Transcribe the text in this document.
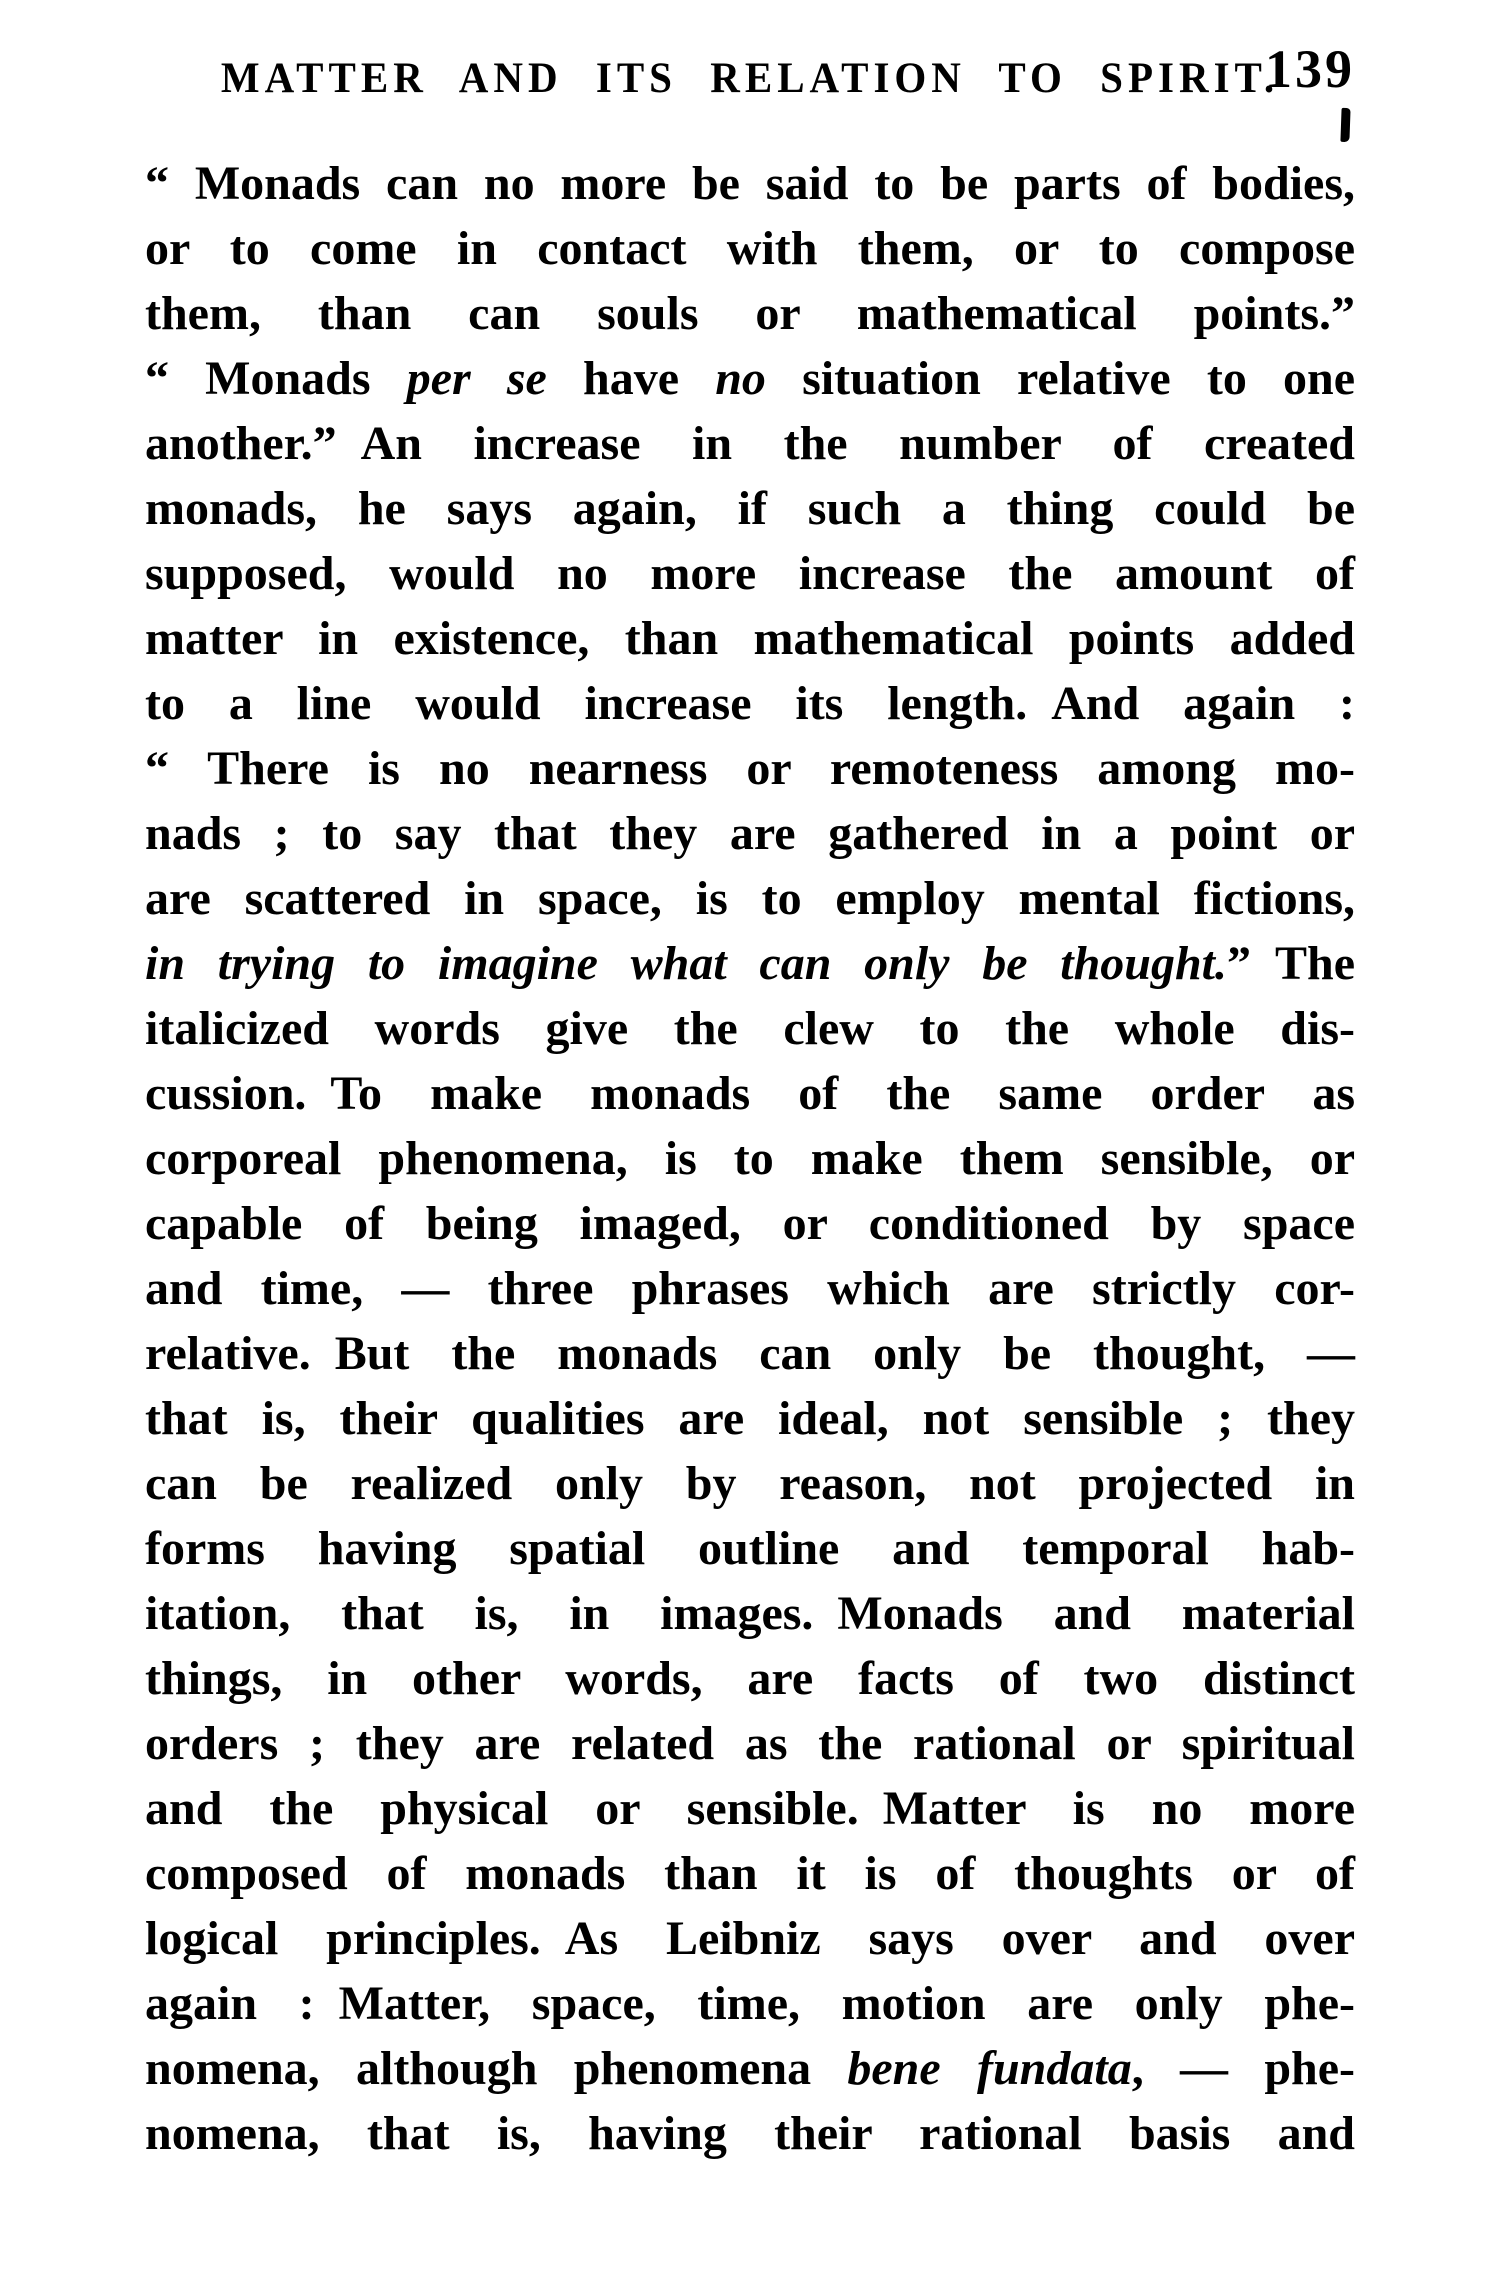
MATTER AND ITS RELATION TO SPIRIT.
139
“ Monads can no more be said to be parts of bodies,
or to come in contact with them, or to compose
them, than can souls or mathematical points.”
“ Monads per se have no situation relative to one
another.” An increase in the number of created
monads, he says again, if such a thing could be
supposed, would no more increase the amount of
matter in existence, than mathematical points added
to a line would increase its length. And again :
“ There is no nearness or remoteness among mo-
nads ; to say that they are gathered in a point or
are scattered in space, is to employ mental fictions,
in trying to imagine what can only be thought.” The
italicized words give the clew to the whole dis-
cussion. To make monads of the same order as
corporeal phenomena, is to make them sensible, or
capable of being imaged, or conditioned by space
and time, — three phrases which are strictly cor-
relative. But the monads can only be thought, —
that is, their qualities are ideal, not sensible ; they
can be realized only by reason, not projected in
forms having spatial outline and temporal hab-
itation, that is, in images. Monads and material
things, in other words, are facts of two distinct
orders ; they are related as the rational or spiritual
and the physical or sensible. Matter is no more
composed of monads than it is of thoughts or of
logical principles. As Leibniz says over and over
again : Matter, space, time, motion are only phe-
nomena, although phenomena bene fundata, — phe-
nomena, that is, having their rational basis and
